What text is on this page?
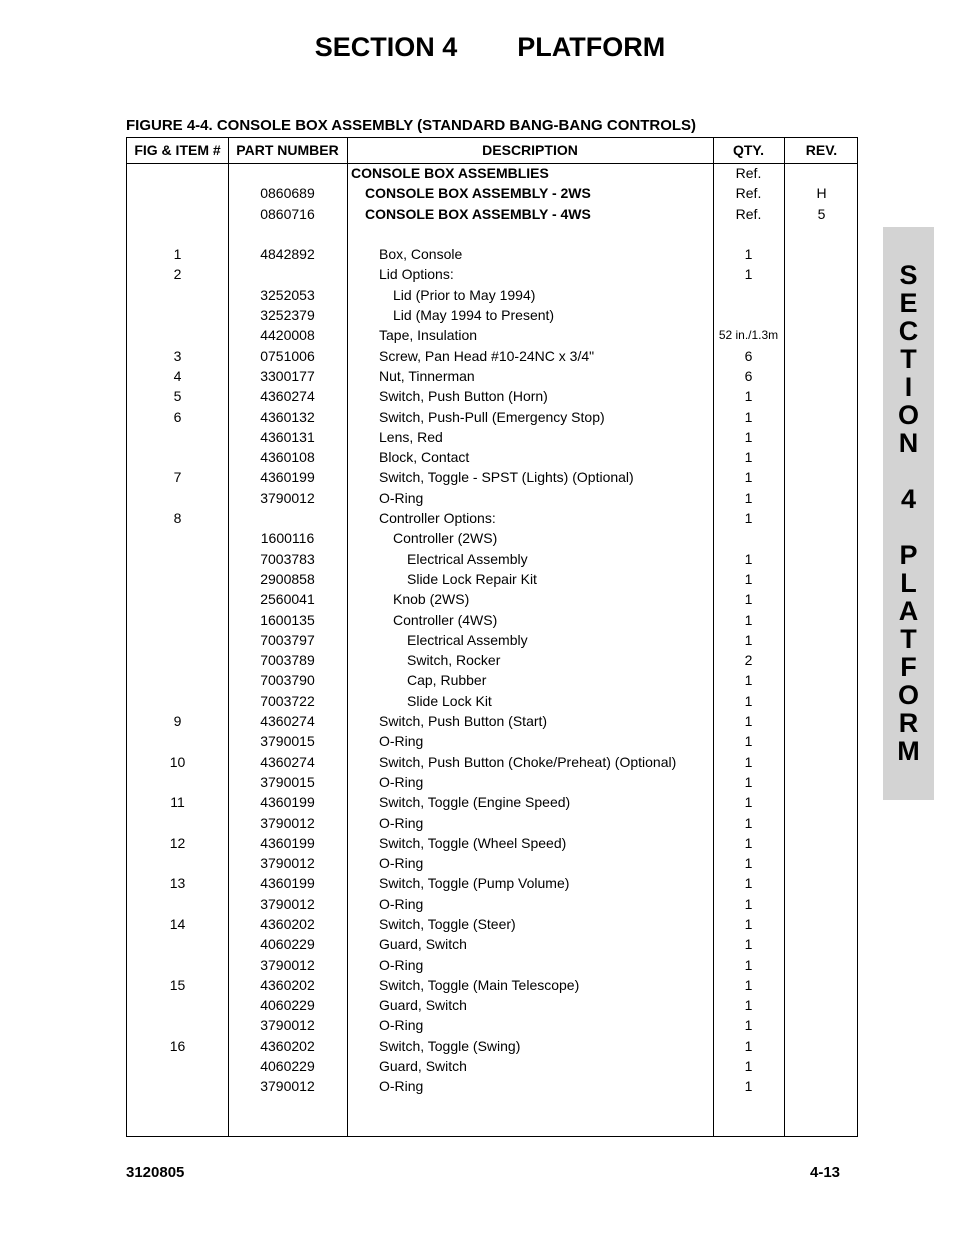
SECTION 4 PLATFORM
FIGURE 4-4. CONSOLE BOX ASSEMBLY (STANDARD BANG-BANG CONTROLS)
FIG & ITEM #	PART NUMBER	DESCRIPTION	QTY.	REV.
CONSOLE BOX ASSEMBLIES	Ref.
0860689	CONSOLE BOX ASSEMBLY - 2WS	Ref.	H
0860716	CONSOLE BOX ASSEMBLY - 4WS	Ref.	5
1	4842892	Box, Console	1
2	Lid Options:	1
3252053	Lid (Prior to May 1994)
3252379	Lid (May 1994 to Present)
4420008	Tape, Insulation	52 in./1.3m
3	0751006	Screw, Pan Head #10-24NC x 3/4"	6
4	3300177	Nut, Tinnerman	6
5	4360274	Switch, Push Button (Horn)	1
6	4360132	Switch, Push-Pull (Emergency Stop)	1
4360131	Lens, Red	1
4360108	Block, Contact	1
7	4360199	Switch, Toggle - SPST (Lights) (Optional)	1
3790012	O-Ring	1
8	Controller Options:	1
1600116	Controller (2WS)
7003783	Electrical Assembly	1
2900858	Slide Lock Repair Kit	1
2560041	Knob (2WS)	1
1600135	Controller (4WS)	1
7003797	Electrical Assembly	1
7003789	Switch, Rocker	2
7003790	Cap, Rubber	1
7003722	Slide Lock Kit	1
9	4360274	Switch, Push Button (Start)	1
3790015	O-Ring	1
10	4360274	Switch, Push Button (Choke/Preheat) (Optional)	1
3790015	O-Ring	1
11	4360199	Switch, Toggle (Engine Speed)	1
3790012	O-Ring	1
12	4360199	Switch, Toggle (Wheel Speed)	1
3790012	O-Ring	1
13	4360199	Switch, Toggle (Pump Volume)	1
3790012	O-Ring	1
14	4360202	Switch, Toggle (Steer)	1
4060229	Guard, Switch	1
3790012	O-Ring	1
15	4360202	Switch, Toggle (Main Telescope)	1
4060229	Guard, Switch	1
3790012	O-Ring	1
16	4360202	Switch, Toggle (Swing)	1
4060229	Guard, Switch	1
3790012	O-Ring	1
S
E
C
T
I
O
N

4

P
L
A
T
F
O
R
M
3120805	4-13
